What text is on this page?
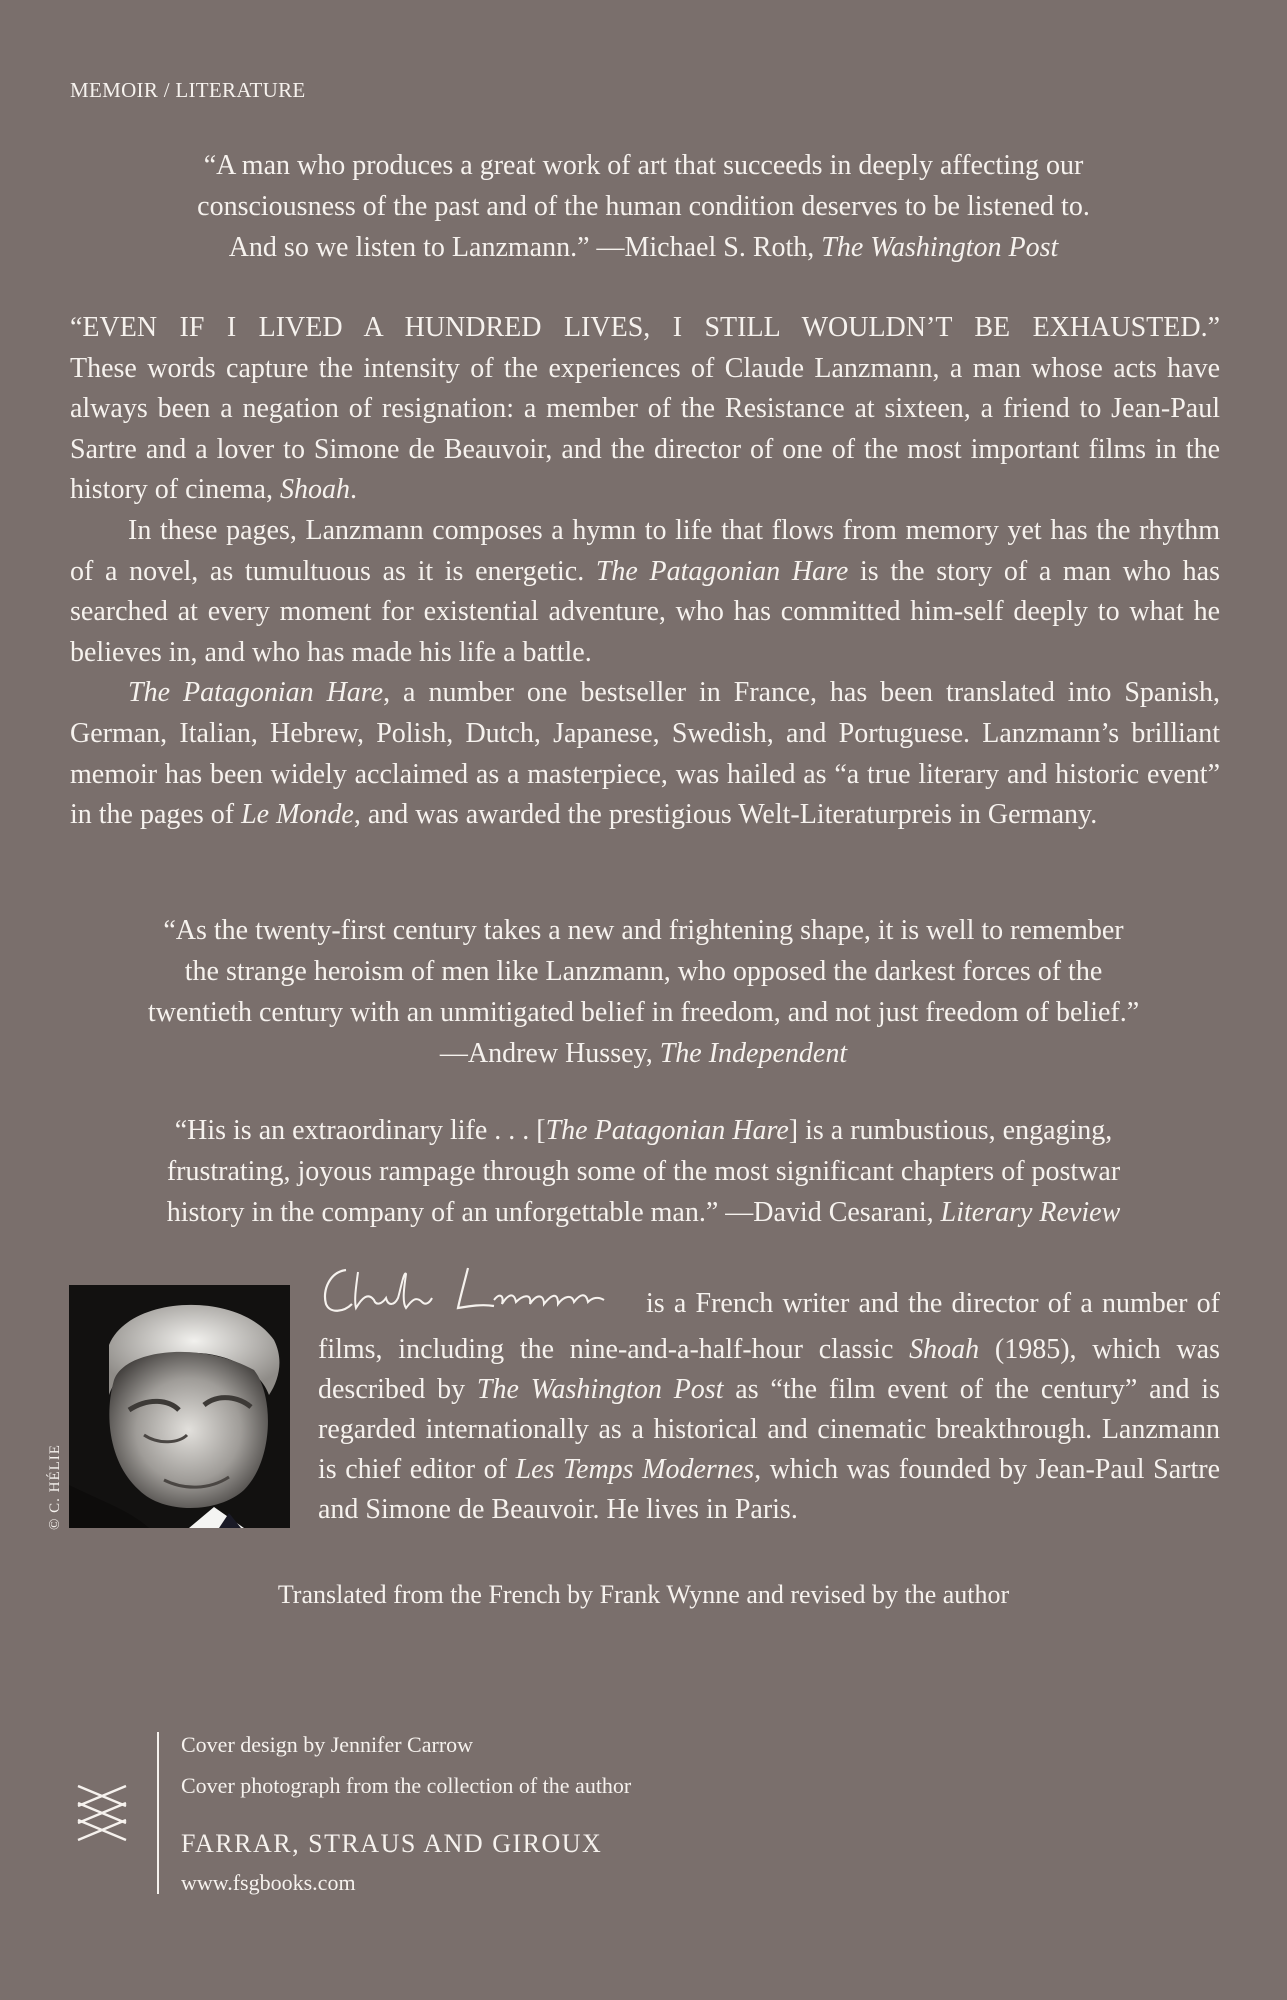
MEMOIR / LITERATURE
“A man who produces a great work of art that succeeds in deeply affecting our
consciousness of the past and of the human condition deserves to be listened to.
And so we listen to Lanzmann.” —Michael S. Roth, The Washington Post

“EVEN IF I LIVED A HUNDRED LIVES, I STILL WOULDN’T BE EXHAUSTED.”
These words capture the intensity of the experiences of Claude Lanzmann, a man whose acts have always been a negation of resignation: a member of the Resistance at sixteen, a friend to Jean-Paul Sartre and a lover to Simone de Beauvoir, and the director of one of the most important films in the history of cinema, Shoah.

In these pages, Lanzmann composes a hymn to life that flows from memory yet has the rhythm of a novel, as tumultuous as it is energetic. The Patagonian Hare is the story of a man who has searched at every moment for existential adventure, who has committed him-self deeply to what he believes in, and who has made his life a battle.

The Patagonian Hare, a number one bestseller in France, has been translated into Spanish, German, Italian, Hebrew, Polish, Dutch, Japanese, Swedish, and Portuguese. Lanzmann’s brilliant memoir has been widely acclaimed as a masterpiece, was hailed as “a true literary and historic event” in the pages of Le Monde, and was awarded the prestigious Welt-Literaturpreis in Germany.

“As the twenty-first century takes a new and frightening shape, it is well to remember
the strange heroism of men like Lanzmann, who opposed the darkest forces of the
twentieth century with an unmitigated belief in freedom, and not just freedom of belief.”
—Andrew Hussey, The Independent
“His is an extraordinary life . . . [The Patagonian Hare] is a rumbustious, engaging,
frustrating, joyous rampage through some of the most significant chapters of postwar
history in the company of an unforgettable man.” —David Cesarani, Literary Review
© C. HÉLIE
is a French writer and the director of a number of films, including the nine-and-a-half-hour classic Shoah (1985), which was described by The Washington Post as “the film event of the century” and is regarded internationally as a historical and cinematic breakthrough. Lanzmann is chief editor of Les Temps Modernes, which was founded by Jean-Paul Sartre and Simone de Beauvoir. He lives in Paris.
Translated from the French by Frank Wynne and revised by the author
Cover design by Jennifer Carrow
Cover photograph from the collection of the author
FARRAR, STRAUS AND GIROUX
www.fsgbooks.com
